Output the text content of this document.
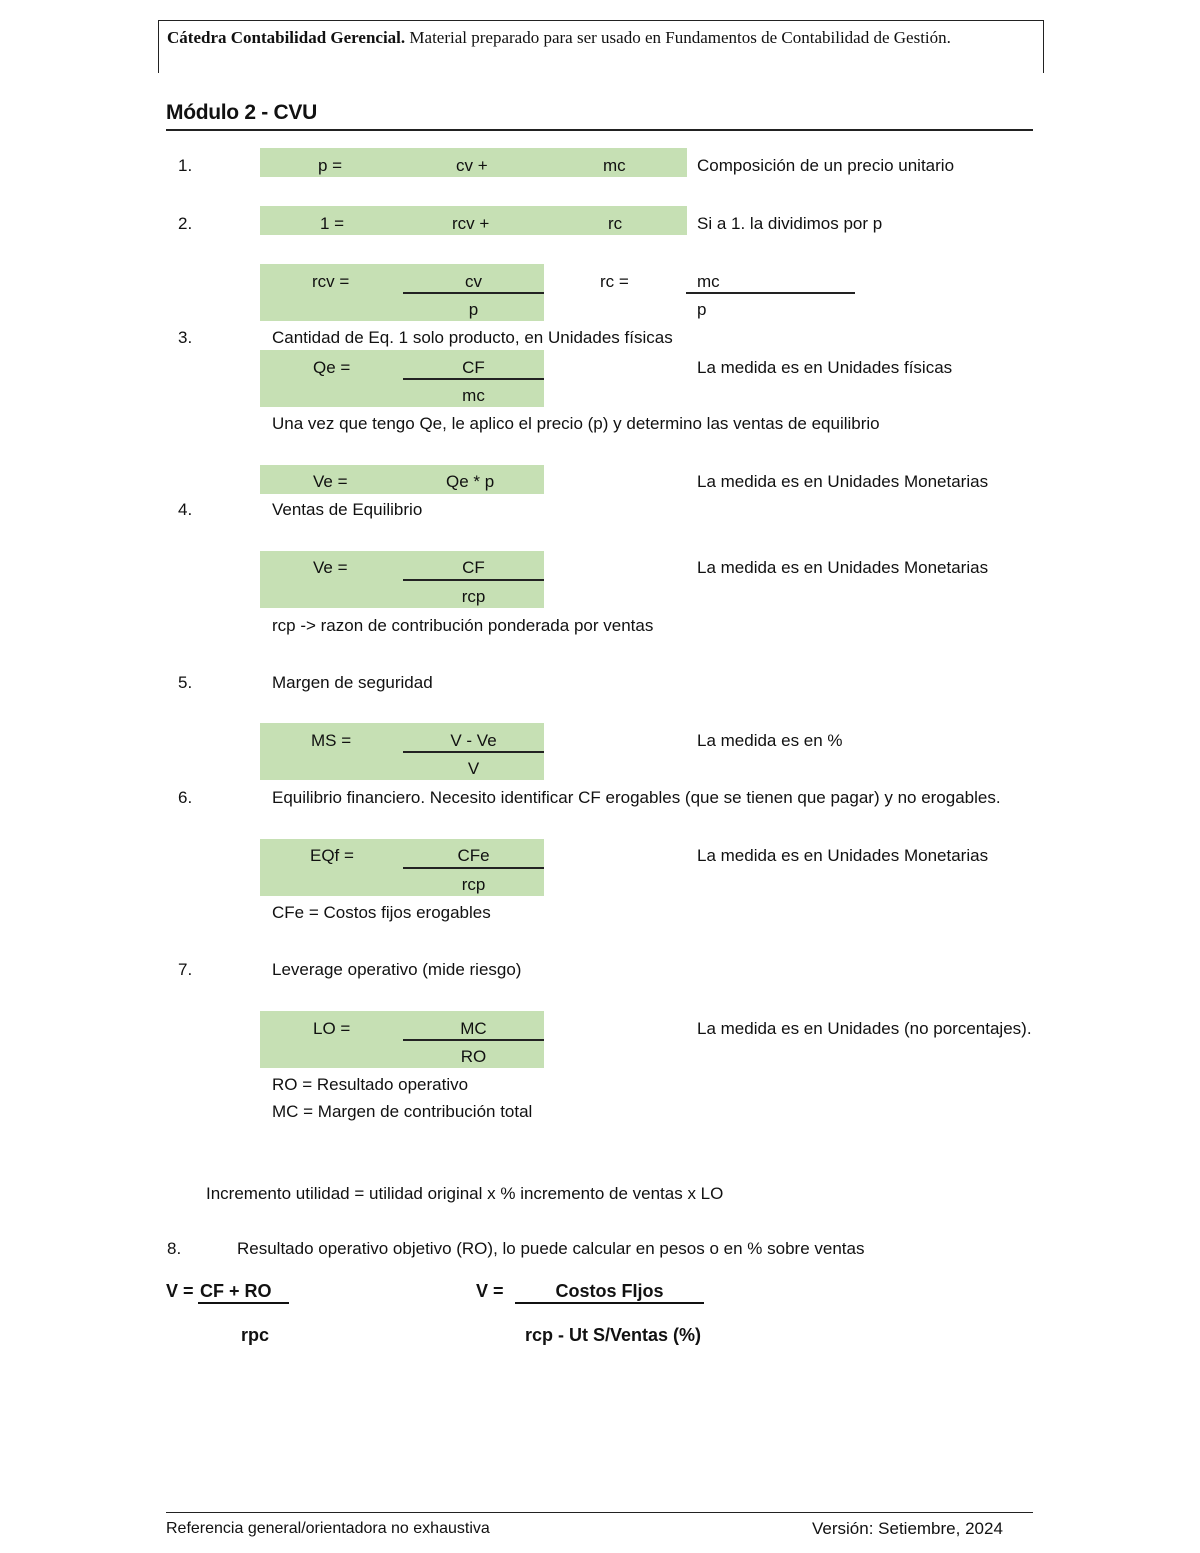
Cátedra Contabilidad Gerencial. Material preparado para ser usado en Fundamentos de Contabilidad de Gestión.
Módulo 2 - CVU
1.	p =	cv +	mc	Composición de un precio unitario
2.	1 =	rcv +	rc	Si a 1. la dividimos por p
rcv =	cv
p
rc =	mc
p
3.	Cantidad de Eq. 1 solo producto, en Unidades físicas
Qe =	CF
mc
La medida es en Unidades físicas
Una vez que tengo Qe, le aplico el precio (p) y determino las ventas de equilibrio
Ve =	Qe * p	La medida es en Unidades Monetarias
4.	Ventas de Equilibrio
Ve =	CF
rcp
La medida es en Unidades Monetarias
rcp -> razon de contribución ponderada por ventas
5.	Margen de seguridad
MS =	V - Ve
V
La medida es en %
6.	Equilibrio financiero. Necesito identificar CF erogables (que se tienen que pagar) y no erogables.
EQf =	CFe
rcp
La medida es en Unidades Monetarias
CFe = Costos fijos erogables
7.	Leverage operativo (mide riesgo)
LO =	MC
RO
La medida es en Unidades (no porcentajes).
RO = Resultado operativo
MC = Margen de contribución total
Incremento utilidad = utilidad original x % incremento de ventas x LO
8.	Resultado operativo objetivo (RO), lo puede calcular en pesos o en % sobre ventas
V = CF + RO
rpc
V =	Costos FIjos
rcp - Ut S/Ventas (%)
Referencia general/orientadora no exhaustiva	Versión: Setiembre, 2024
